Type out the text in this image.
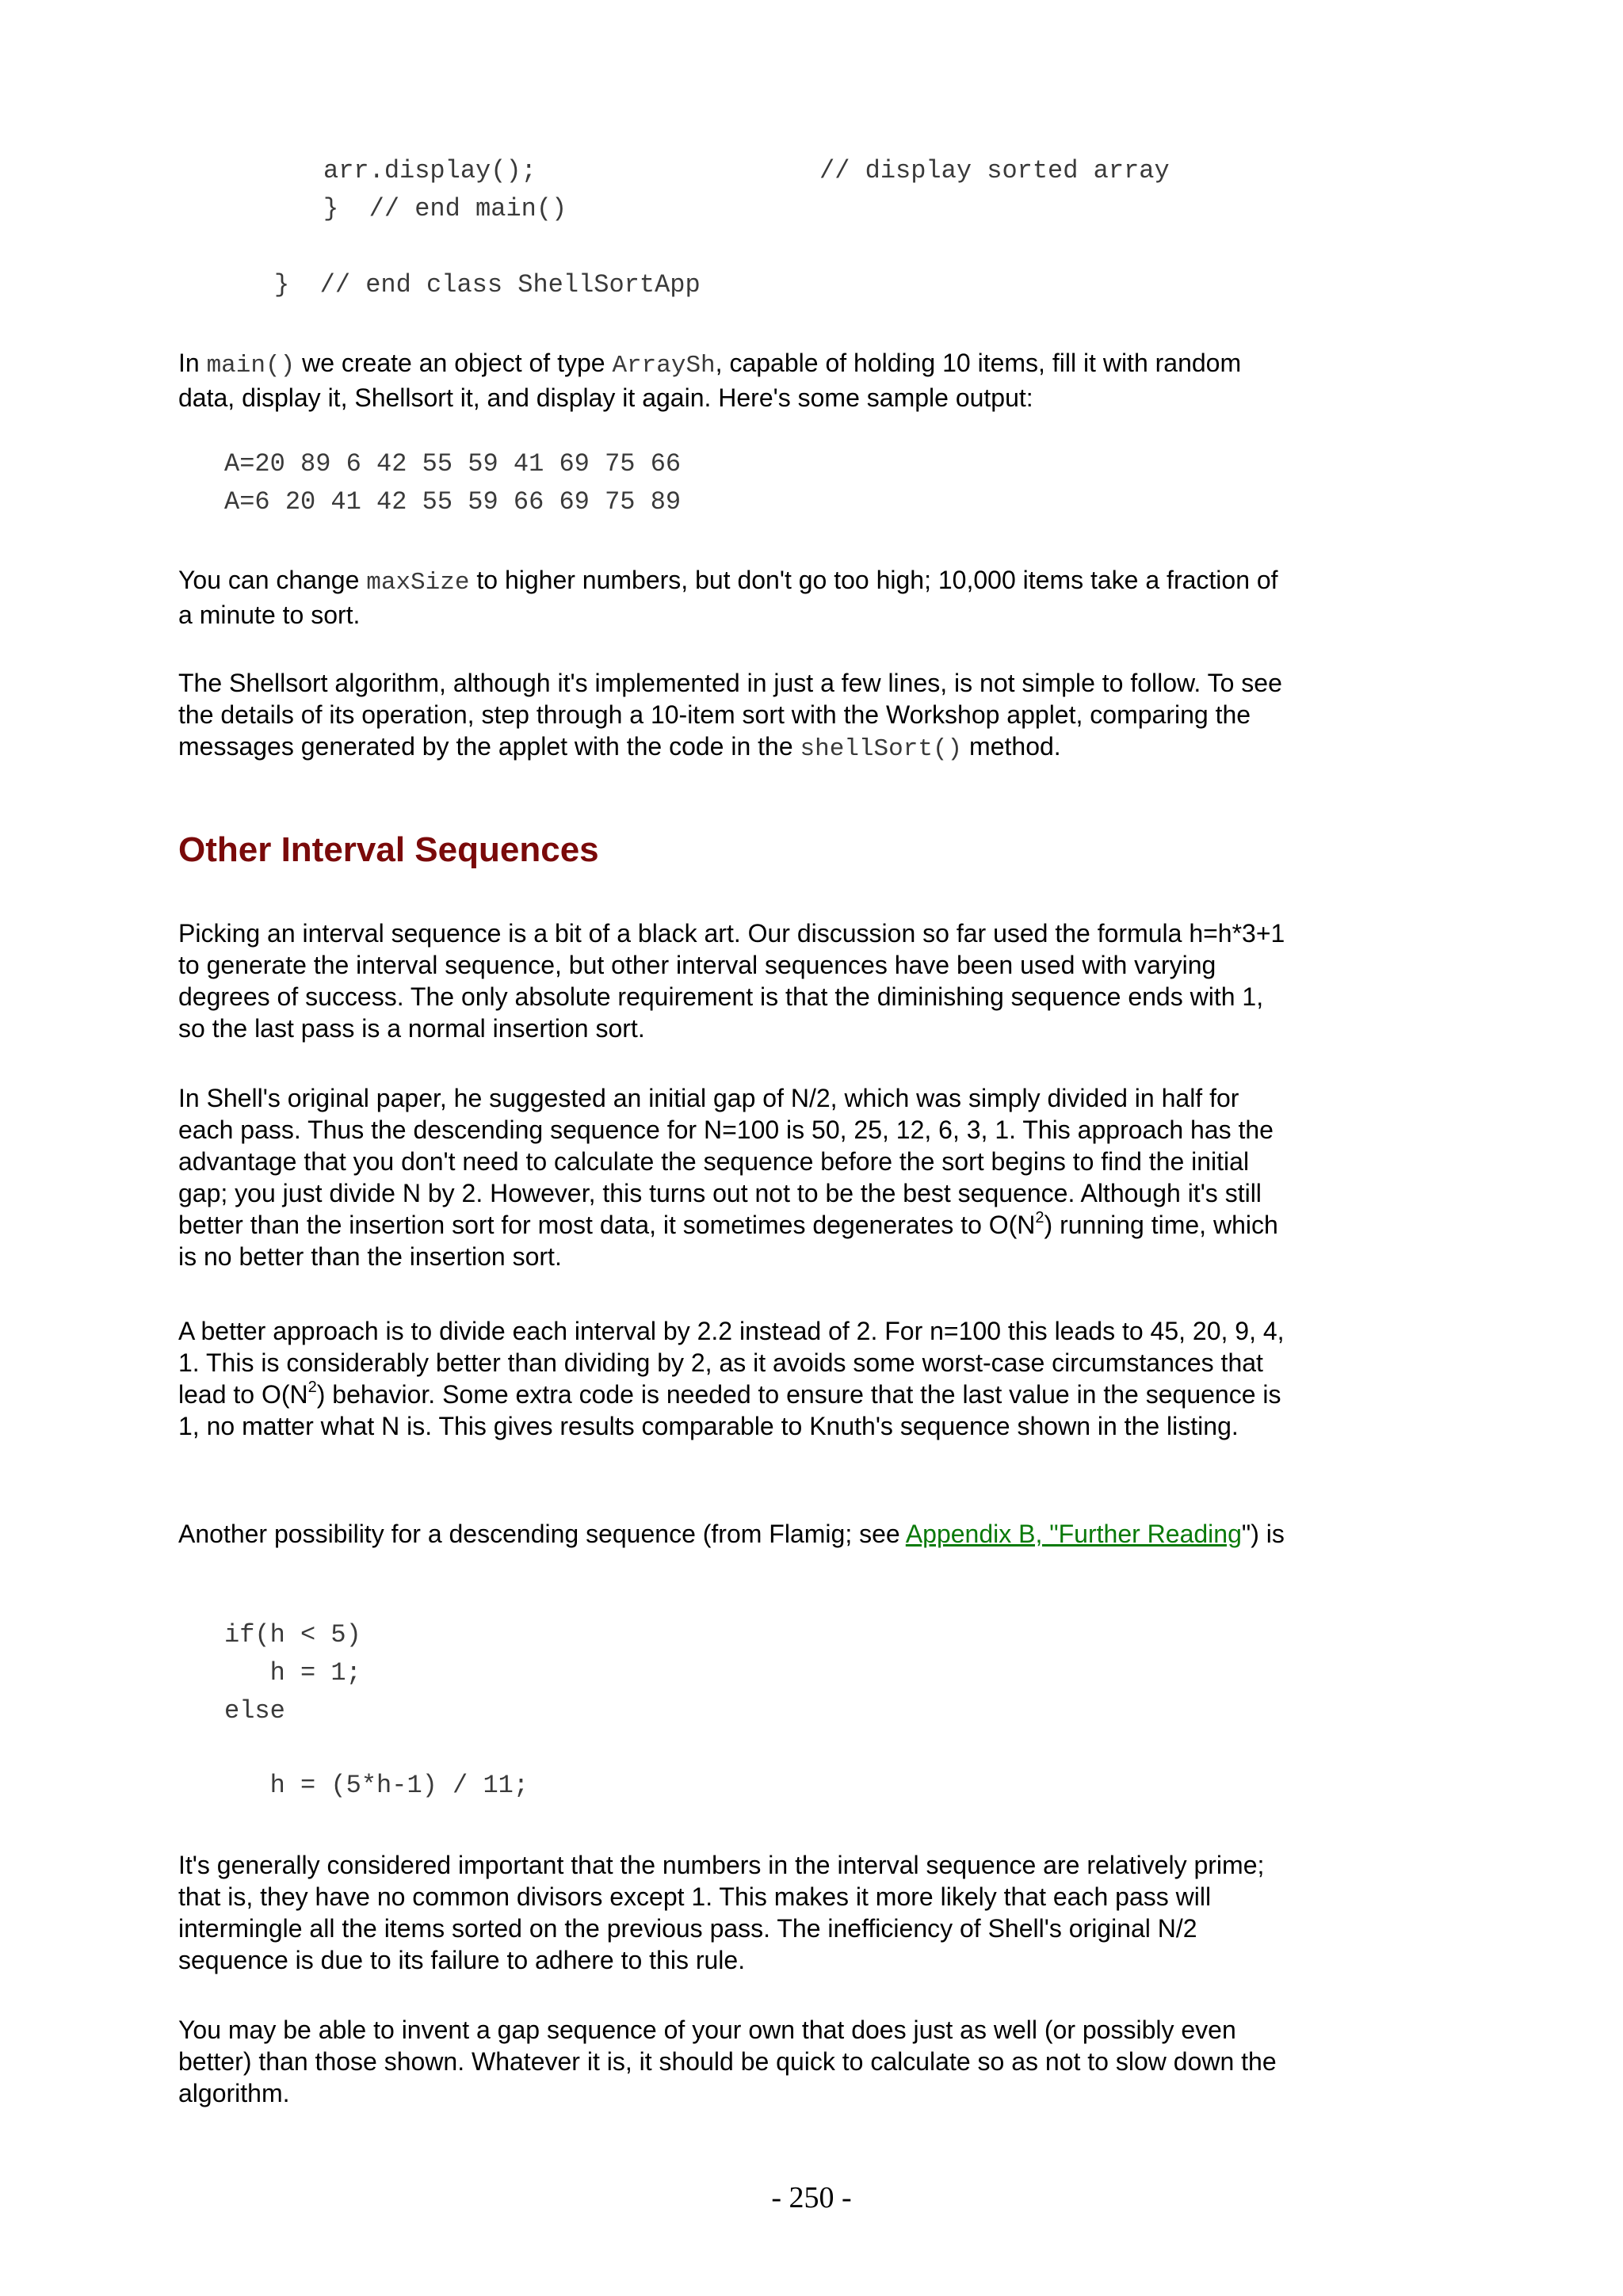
arr.display();	// display sorted array
}  // end main()
}  // end class ShellSortApp

In main() we create an object of type ArraySh, capable of holding 10 items, fill it with random data, display it, Shellsort it, and display it again. Here's some sample output:

A=20 89 6 42 55 59 41 69 75 66
A=6 20 41 42 55 59 66 69 75 89

You can change maxSize to higher numbers, but don't go too high; 10,000 items take a fraction of a minute to sort.

The Shellsort algorithm, although it's implemented in just a few lines, is not simple to follow. To see the details of its operation, step through a 10-item sort with the Workshop applet, comparing the messages generated by the applet with the code in the shellSort() method.

Other Interval Sequences

Picking an interval sequence is a bit of a black art. Our discussion so far used the formula h=h*3+1 to generate the interval sequence, but other interval sequences have been used with varying degrees of success. The only absolute requirement is that the diminishing sequence ends with 1, so the last pass is a normal insertion sort.

In Shell's original paper, he suggested an initial gap of N/2, which was simply divided in half for each pass. Thus the descending sequence for N=100 is 50, 25, 12, 6, 3, 1. This approach has the advantage that you don't need to calculate the sequence before the sort begins to find the initial gap; you just divide N by 2. However, this turns out not to be the best sequence. Although it's still better than the insertion sort for most data, it sometimes degenerates to $O(N^2)$ running time, which is no better than the insertion sort.

A better approach is to divide each interval by 2.2 instead of 2. For n=100 this leads to 45, 20, 9, 4, 1. This is considerably better than dividing by 2, as it avoids some worst-case circumstances that lead to $O(N^2)$ behavior. Some extra code is needed to ensure that the last value in the sequence is 1, no matter what N is. This gives results comparable to Knuth's sequence shown in the listing.

Another possibility for a descending sequence (from Flamig; see Appendix B, "Further Reading") is

if(h < 5)
h = 1;
else
h = (5*h-1) / 11;

It's generally considered important that the numbers in the interval sequence are relatively prime; that is, they have no common divisors except 1. This makes it more likely that each pass will intermingle all the items sorted on the previous pass. The inefficiency of Shell's original N/2 sequence is due to its failure to adhere to this rule.

You may be able to invent a gap sequence of your own that does just as well (or possibly even better) than those shown. Whatever it is, it should be quick to calculate so as not to slow down the algorithm.

- 250 -
